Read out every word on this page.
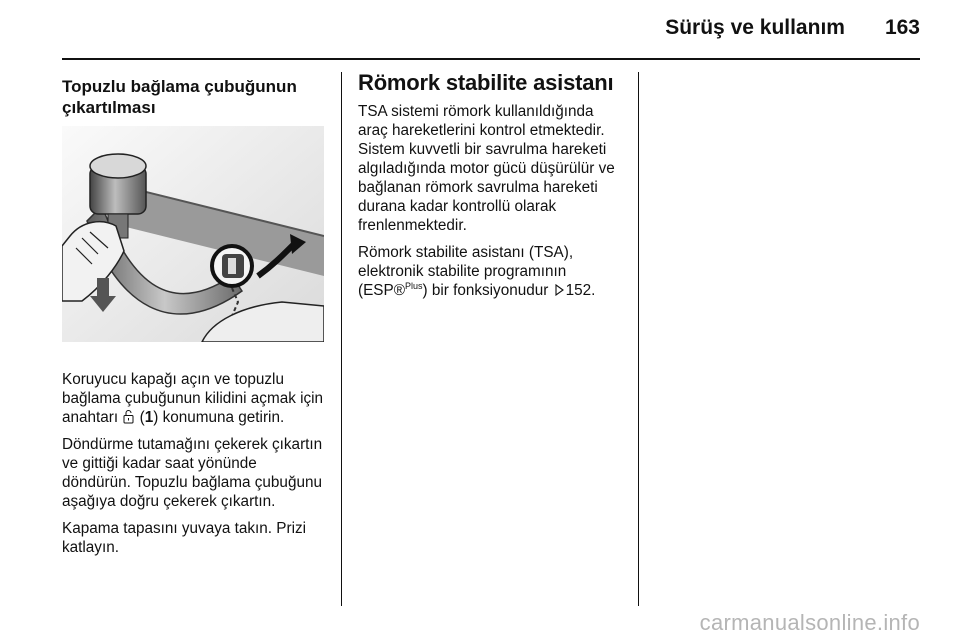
Sürüş ve kullanım 163
Topuzlu bağlama çubuğunun çıkartılması

Koruyucu kapağı açın ve topuzlu bağlama çubuğunun kilidini açmak için anahtarı  (1) konumuna getirin.

Döndürme tutamağını çekerek çıkartın ve gittiği kadar saat yönünde döndürün. Topuzlu bağlama çubuğunu aşağıya doğru çekerek çıkartın.

Kapama tapasını yuvaya takın. Prizi katlayın.

Römork stabilite asistanı

TSA sistemi römork kullanıldığında araç hareketlerini kontrol etmektedir. Sistem kuvvetli bir savrulma hareketi algıladığında motor gücü düşürülür ve bağlanan römork savrulma hareketi durana kadar kontrollü olarak frenlenmektedir.

Römork stabilite asistanı (TSA), elektronik stabilite programının (ESP®$^{Plus}$) bir fonksiyonudur 152.

carmanualsonline.info
